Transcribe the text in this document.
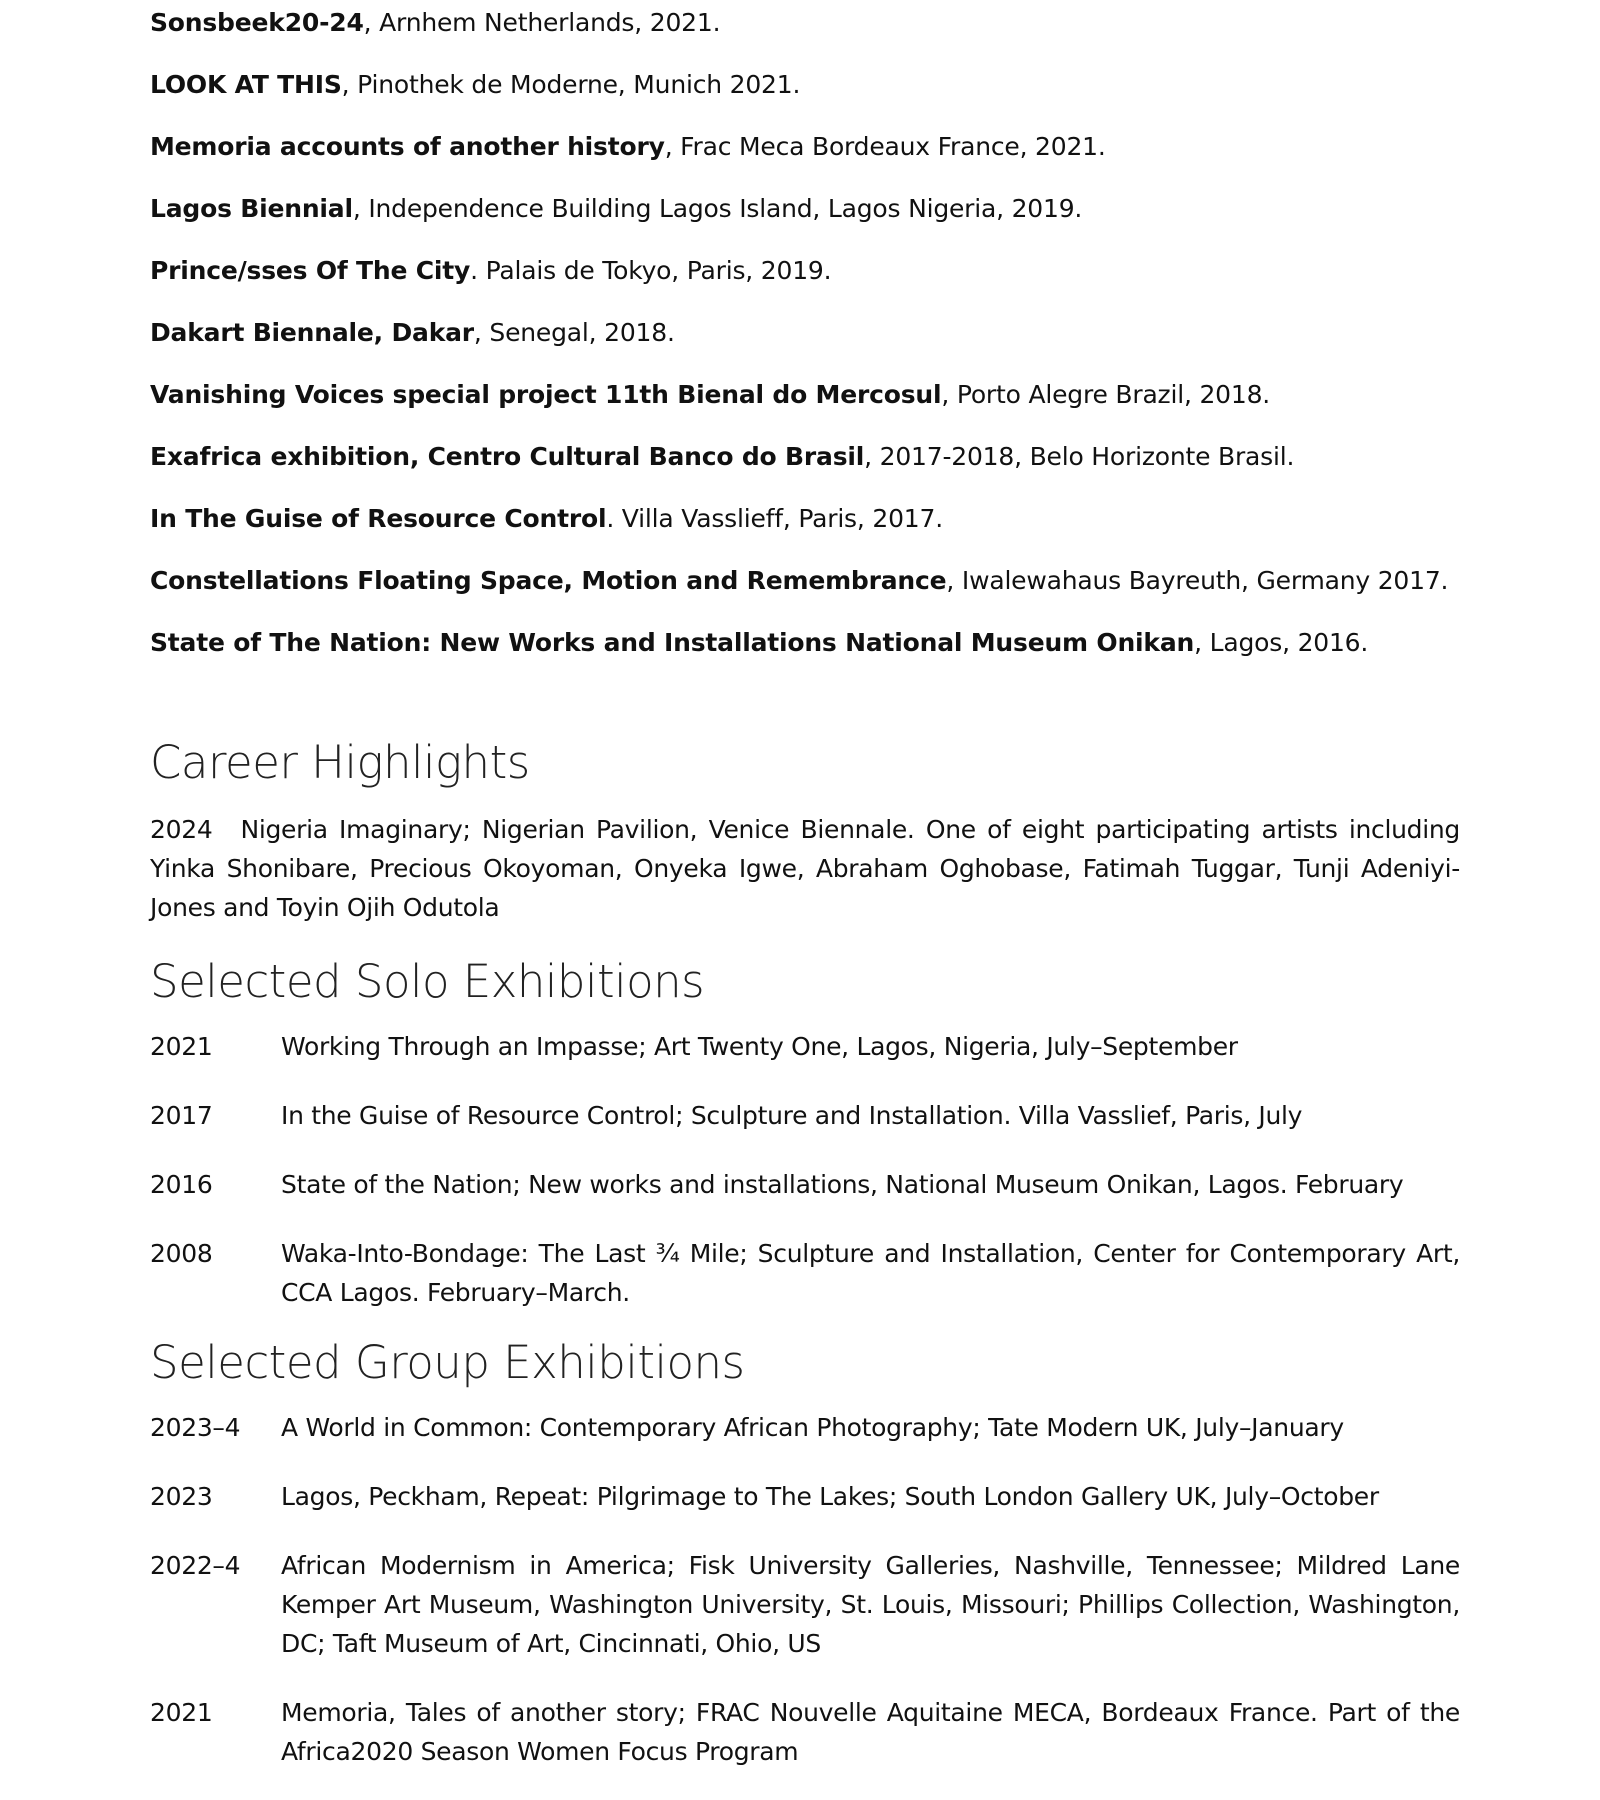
Sonsbeek20-24, Arnhem Netherlands, 2021.
LOOK AT THIS, Pinothek de Moderne, Munich 2021.
Memoria accounts of another history, Frac Meca Bordeaux France, 2021.
Lagos Biennial, Independence Building Lagos Island, Lagos Nigeria, 2019.
Prince/sses Of The City. Palais de Tokyo, Paris, 2019.
Dakart Biennale, Dakar, Senegal, 2018.
Vanishing Voices special project 11th Bienal do Mercosul, Porto Alegre Brazil, 2018.
Exafrica exhibition, Centro Cultural Banco do Brasil, 2017-2018, Belo Horizonte Brasil.
In The Guise of Resource Control. Villa Vasslieff, Paris, 2017.
Constellations Floating Space, Motion and Remembrance, Iwalewahaus Bayreuth, Germany 2017.
State of The Nation: New Works and Installations National Museum Onikan, Lagos, 2016.
Career Highlights
2024 Nigeria Imaginary; Nigerian Pavilion, Venice Biennale. One of eight participating artists including Yinka Shonibare, Precious Okoyoman, Onyeka Igwe, Abraham Oghobase, Fatimah Tuggar, Tunji Adeniyi-Jones and Toyin Ojih Odutola
Selected Solo Exhibitions
2021	Working Through an Impasse; Art Twenty One, Lagos, Nigeria, July–September
2017	In the Guise of Resource Control; Sculpture and Installation. Villa Vasslief, Paris, July
2016	State of the Nation; New works and installations, National Museum Onikan, Lagos. February
2008	Waka-Into-Bondage: The Last ¾ Mile; Sculpture and Installation, Center for Contemporary Art, CCA Lagos. February–March.
Selected Group Exhibitions
2023–4	A World in Common: Contemporary African Photography; Tate Modern UK, July–January
2023	Lagos, Peckham, Repeat: Pilgrimage to The Lakes; South London Gallery UK, July–October
2022–4	African Modernism in America; Fisk University Galleries, Nashville, Tennessee; Mildred Lane Kemper Art Museum, Washington University, St. Louis, Missouri; Phillips Collection, Washington, DC; Taft Museum of Art, Cincinnati, Ohio, US
2021	Memoria, Tales of another story; FRAC Nouvelle Aquitaine MECA, Bordeaux France. Part of the Africa2020 Season Women Focus Program
